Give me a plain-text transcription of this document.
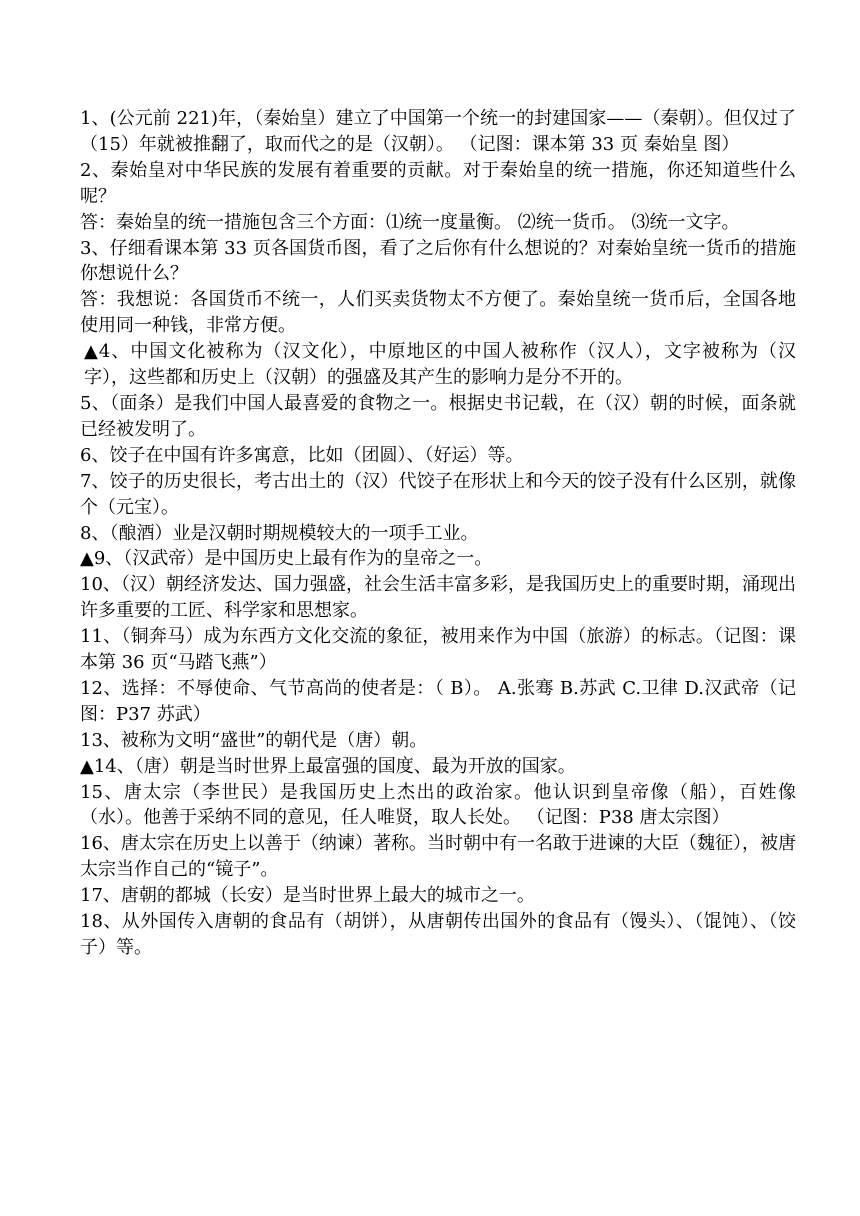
1、(公元前 221)年，（秦始皇）建立了中国第一个统一的封建国家——（秦朝）。但仅过了（15）年就被推翻了，取而代之的是（汉朝）。 （记图：课本第 33 页 秦始皇 图）

2、秦始皇对中华民族的发展有着重要的贡献。对于秦始皇的统一措施，你还知道些什么呢？

答：秦始皇的统一措施包含三个方面：⑴统一度量衡。 ⑵统一货币。 ⑶统一文字。

3、仔细看课本第 33 页各国货币图，看了之后你有什么想说的？对秦始皇统一货币的措施你想说什么？

答：我想说：各国货币不统一，人们买卖货物太不方便了。秦始皇统一货币后，全国各地使用同一种钱，非常方便。

▲4、中国文化被称为（汉文化），中原地区的中国人被称作（汉人），文字被称为（汉字），这些都和历史上（汉朝）的强盛及其产生的影响力是分不开的。

5、（面条）是我们中国人最喜爱的食物之一。根据史书记载，在（汉）朝的时候，面条就已经被发明了。

6、饺子在中国有许多寓意，比如（团圆）、（好运）等。

7、饺子的历史很长，考古出土的（汉）代饺子在形状上和今天的饺子没有什么区别，就像个（元宝）。

8、（酿酒）业是汉朝时期规模较大的一项手工业。

▲9、（汉武帝）是中国历史上最有作为的皇帝之一。

10、（汉）朝经济发达、国力强盛，社会生活丰富多彩，是我国历史上的重要时期，涌现出许多重要的工匠、科学家和思想家。

11、（铜奔马）成为东西方文化交流的象征，被用来作为中国（旅游）的标志。（记图：课本第 36 页“马踏飞燕”）

12、选择：不辱使命、气节高尚的使者是：（ B）。 A.张骞 B.苏武 C.卫律 D.汉武帝（记图：P37 苏武）

13、被称为文明“盛世”的朝代是（唐）朝。

▲14、（唐）朝是当时世界上最富强的国度、最为开放的国家。

15、唐太宗（李世民）是我国历史上杰出的政治家。他认识到皇帝像（船），百姓像（水）。他善于采纳不同的意见，任人唯贤，取人长处。 （记图：P38 唐太宗图）

16、唐太宗在历史上以善于（纳谏）著称。当时朝中有一名敢于进谏的大臣（魏征），被唐太宗当作自己的“镜子”。

17、唐朝的都城（长安）是当时世界上最大的城市之一。

18、从外国传入唐朝的食品有（胡饼），从唐朝传出国外的食品有（馒头）、（馄饨）、（饺子）等。
